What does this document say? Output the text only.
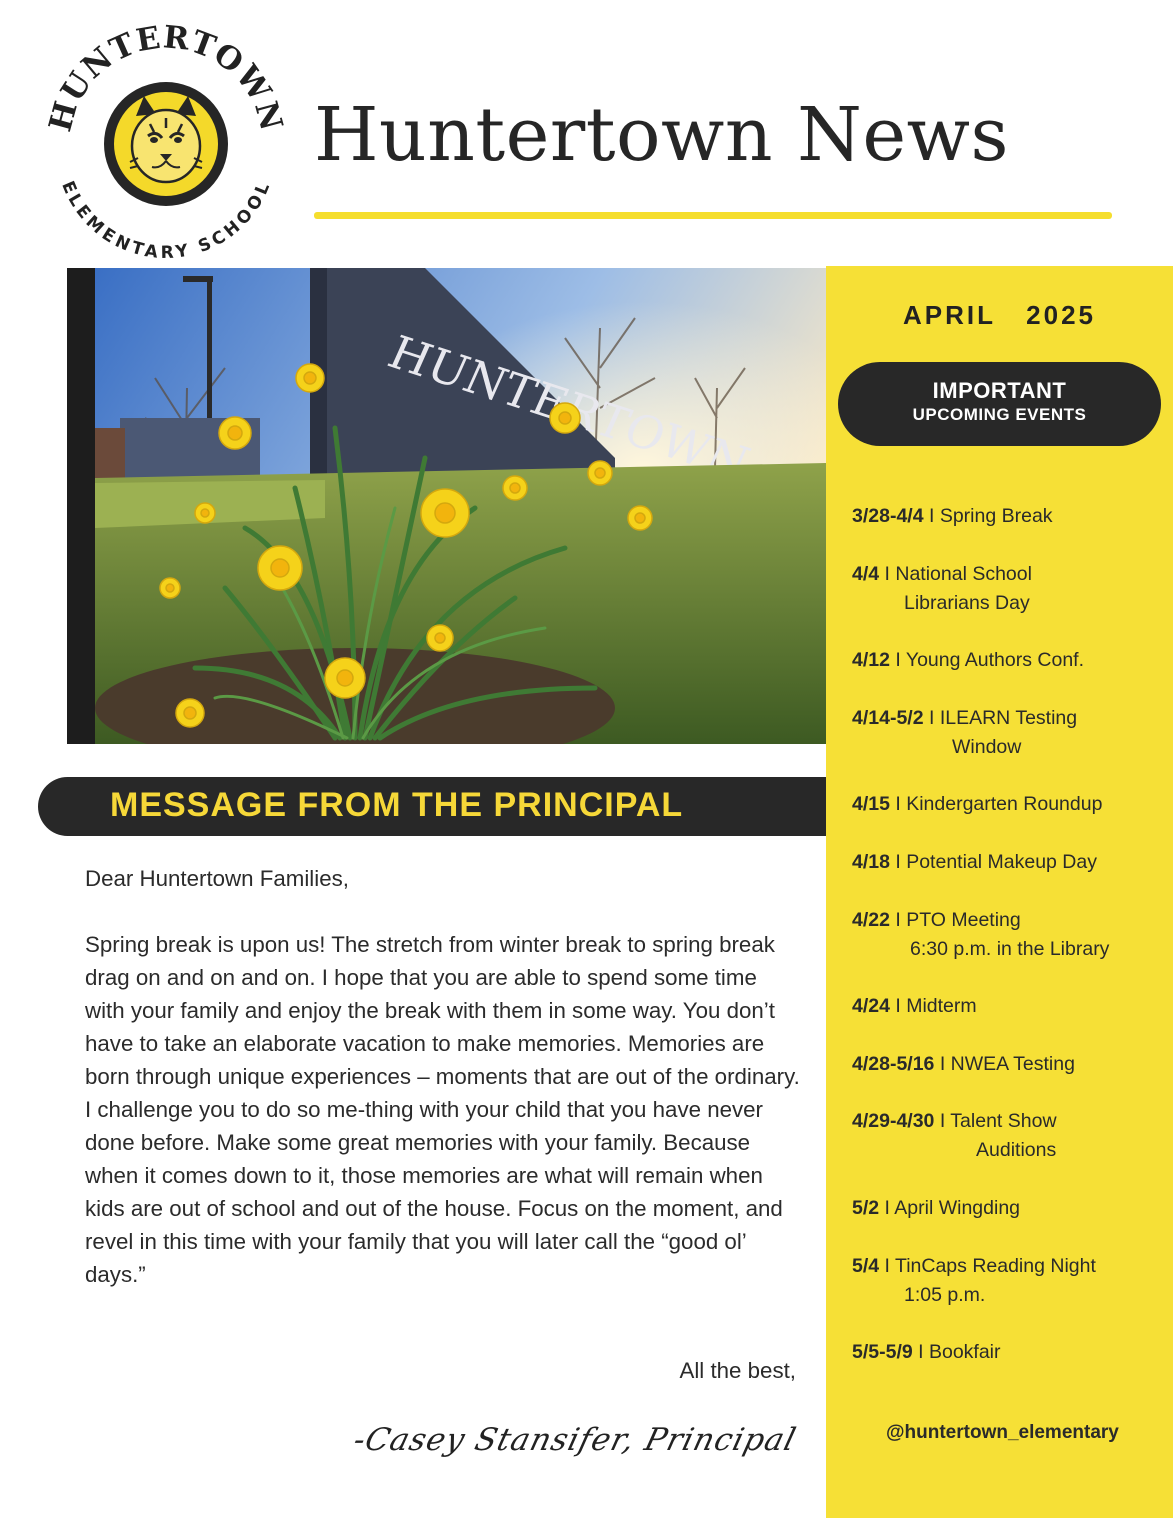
HUNTERTOWN
ELEMENTARY SCHOOL
Huntertown News
APRIL   2025
IMPORTANT
UPCOMING EVENTS
3/28-4/4 I Spring Break
4/4 I National School
Librarians Day
4/12 I Young Authors Conf.
4/14-5/2 I ILEARN Testing
Window
4/15 I Kindergarten Roundup
4/18 I Potential Makeup Day
4/22 I PTO Meeting
6:30 p.m. in the Library
4/24 I Midterm
4/28-5/16 I NWEA Testing
4/29-4/30 I Talent Show
Auditions
5/2 I April Wingding
5/4 I TinCaps Reading Night
1:05 p.m.
5/5-5/9 I Bookfair
@huntertown_elementary
MESSAGE FROM THE PRINCIPAL

Dear Huntertown Families,

Spring break is upon us! The stretch from winter break to spring break drag on and on and on. I hope that you are able to spend some time with your family and enjoy the break with them in some way. You don’t have to take an elaborate vacation to make memories. Memories are born through unique experiences – moments that are out of the ordinary. I challenge you to do so me-thing with your child that you have never done before. Make some great memories with your family. Because when it comes down to it, those memories are what will remain when kids are out of school and out of the house. Focus on the moment, and revel in this time with your family that you will later call the “good ol’ days.”

All the best,
-Casey Stansifer, Principal
